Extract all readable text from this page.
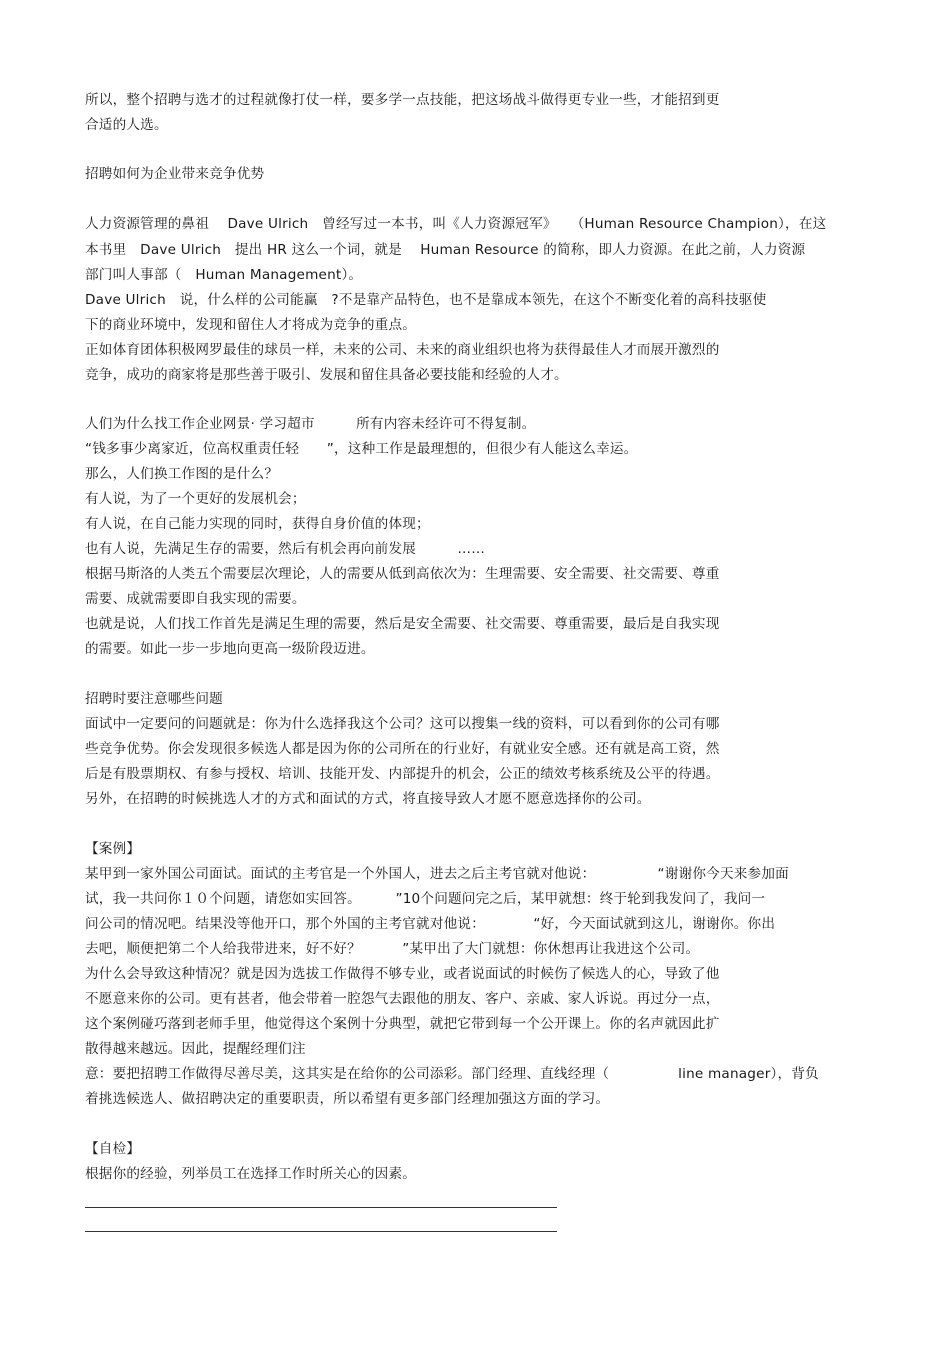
所以，整个招聘与选才的过程就像打仗一样，要多学一点技能，把这场战斗做得更专业一些，才能招到更
合适的人选。
招聘如何为企业带来竞争优势
人力资源管理的鼻祖　 Dave Ulrich　曾经写过一本书，叫《人力资源冠军》　　（Human Resource Champion），在这
本书里　Dave Ulrich　提出 HR 这么一个词，就是　 Human Resource 的简称，即人力资源。在此之前，人力资源
部门叫人事部（　Human Management）。
Dave Ulrich　说，什么样的公司能赢　?不是靠产品特色，也不是靠成本领先，在这个不断变化着的高科技驱使
下的商业环境中，发现和留住人才将成为竞争的重点。
正如体育团体积极网罗最佳的球员一样，未来的公司、未来的商业组织也将为获得最佳人才而展开激烈的
竞争，成功的商家将是那些善于吸引、发展和留住具备必要技能和经验的人才。
人们为什么找工作企业网景· 学习超市　　　所有内容未经许可不得复制。
“钱多事少离家近，位高权重责任轻　　”，这种工作是最理想的，但很少有人能这么幸运。
那么，人们换工作图的是什么？
有人说，为了一个更好的发展机会；
有人说，在自己能力实现的同时，获得自身价值的体现；
也有人说，先满足生存的需要，然后有机会再向前发展　　　……
根据马斯洛的人类五个需要层次理论，人的需要从低到高依次为：生理需要、安全需要、社交需要、尊重
需要、成就需要即自我实现的需要。
也就是说，人们找工作首先是满足生理的需要，然后是安全需要、社交需要、尊重需要，最后是自我实现
的需要。如此一步一步地向更高一级阶段迈进。
招聘时要注意哪些问题
面试中一定要问的问题就是：你为什么选择我这个公司？这可以搜集一线的资料，可以看到你的公司有哪
些竞争优势。你会发现很多候选人都是因为你的公司所在的行业好，有就业安全感。还有就是高工资，然
后是有股票期权、有参与授权、培训、技能开发、内部提升的机会，公正的绩效考核系统及公平的待遇。
另外，在招聘的时候挑选人才的方式和面试的方式，将直接导致人才愿不愿意选择你的公司。
【案例】
某甲到一家外国公司面试。面试的主考官是一个外国人，进去之后主考官就对他说：　　　　　“谢谢你今天来参加面
试，我一共问你１０个问题，请您如实回答。　　　”10个问题问完之后，某甲就想：终于轮到我发问了，我问一
问公司的情况吧。结果没等他开口，那个外国的主考官就对他说：　　　　“好，今天面试就到这儿，谢谢你。你出
去吧，顺便把第二个人给我带进来，好不好？　　　”某甲出了大门就想：你休想再让我进这个公司。
为什么会导致这种情况？就是因为选拔工作做得不够专业，或者说面试的时候伤了候选人的心，导致了他
不愿意来你的公司。更有甚者，他会带着一腔怨气去跟他的朋友、客户、亲戚、家人诉说。再过分一点，
这个案例碰巧落到老师手里，他觉得这个案例十分典型，就把它带到每一个公开课上。你的名声就因此扩
散得越来越远。因此，提醒经理们注
意：要把招聘工作做得尽善尽美，这其实是在给你的公司添彩。部门经理、直线经理（　　　　　line manager），背负
着挑选候选人、做招聘决定的重要职责，所以希望有更多部门经理加强这方面的学习。
【自检】
根据你的经验，列举员工在选择工作时所关心的因素。
